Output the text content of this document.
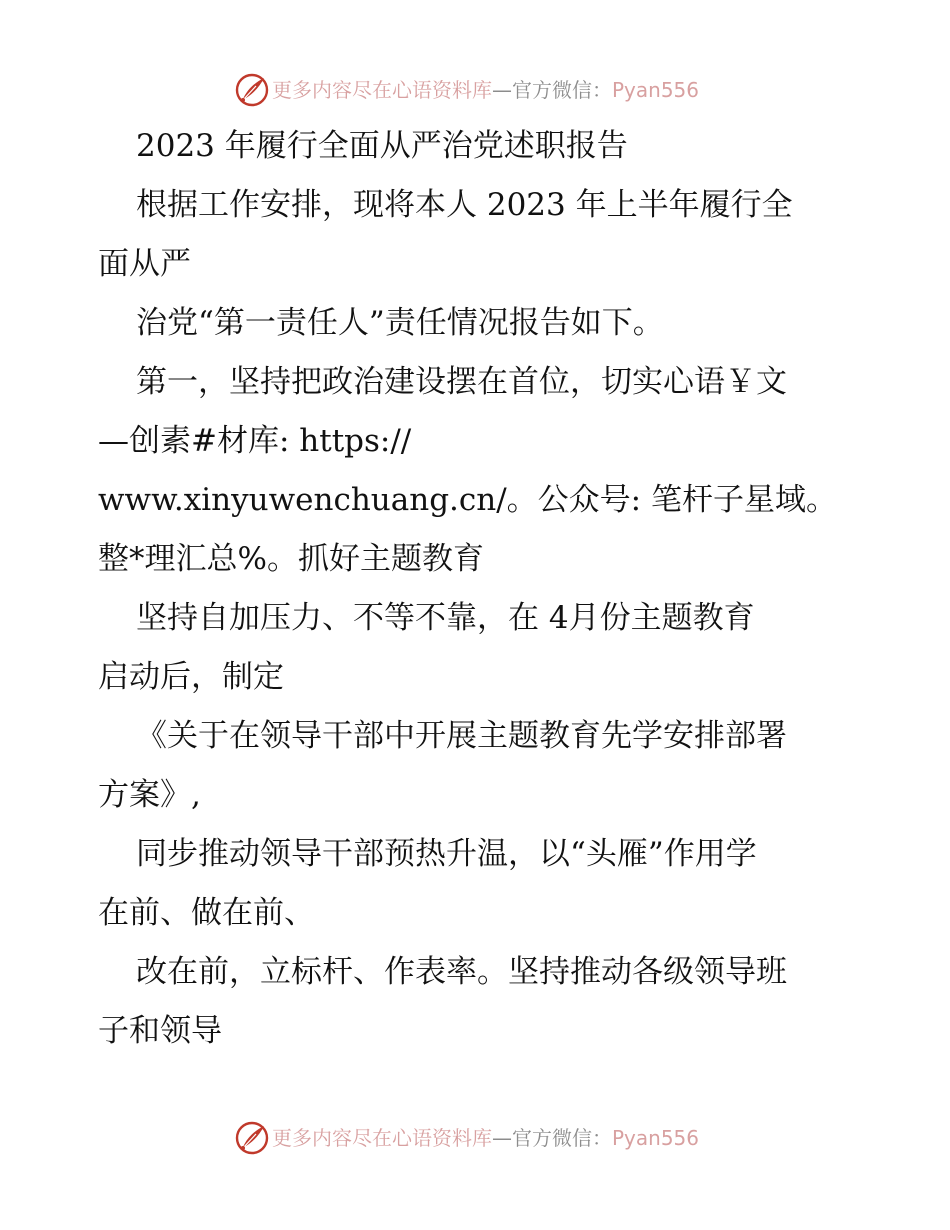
更多内容尽在心语资料库—官方微信：Pyan556
2023 年履行全面从严治党述职报告
根据工作安排，现将本人 2023 年上半年履行全
面从严
治党“第一责任人”责任情况报告如下。
第一，坚持把政治建设摆在首位，切实心语￥文
—创素#材库: https://
www.xinyuwenchuang.cn/。公众号: 笔杆子星域。
整*理汇总%。抓好主题教育
坚持自加压力、不等不靠，在 4月份主题教育
启动后，制定
《关于在领导干部中开展主题教育先学安排部署
方案》,
同步推动领导干部预热升温，以“头雁”作用学
在前、做在前、
改在前，立标杆、作表率。坚持推动各级领导班
子和领导
更多内容尽在心语资料库—官方微信：Pyan556
